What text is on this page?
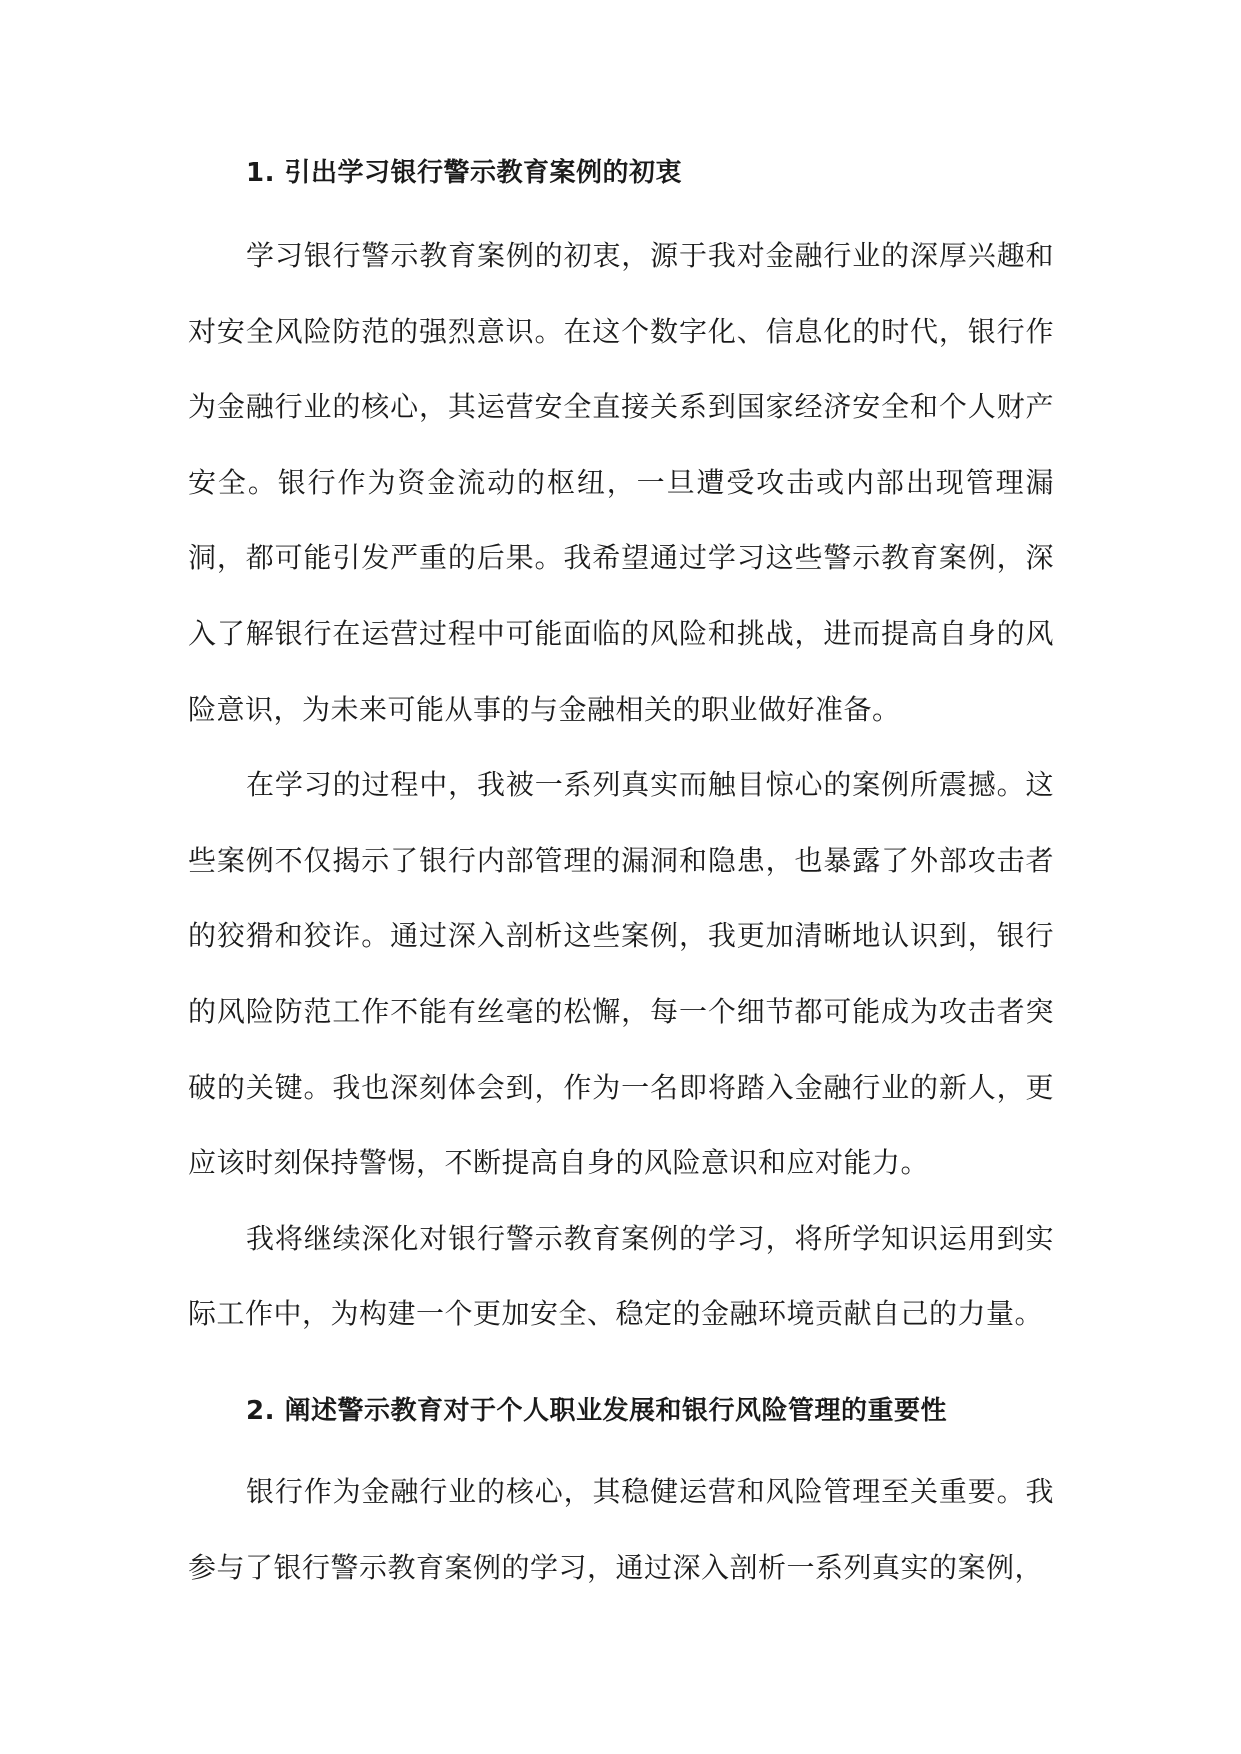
1. 引出学习银行警示教育案例的初衷

学习银行警示教育案例的初衷，源于我对金融行业的深厚兴趣和对安全风险防范的强烈意识。在这个数字化、信息化的时代，银行作为金融行业的核心，其运营安全直接关系到国家经济安全和个人财产安全。银行作为资金流动的枢纽，一旦遭受攻击或内部出现管理漏洞，都可能引发严重的后果。我希望通过学习这些警示教育案例，深入了解银行在运营过程中可能面临的风险和挑战，进而提高自身的风险意识，为未来可能从事的与金融相关的职业做好准备。

在学习的过程中，我被一系列真实而触目惊心的案例所震撼。这些案例不仅揭示了银行内部管理的漏洞和隐患，也暴露了外部攻击者的狡猾和狡诈。通过深入剖析这些案例，我更加清晰地认识到，银行的风险防范工作不能有丝毫的松懈，每一个细节都可能成为攻击者突破的关键。我也深刻体会到，作为一名即将踏入金融行业的新人，更应该时刻保持警惕，不断提高自身的风险意识和应对能力。

我将继续深化对银行警示教育案例的学习，将所学知识运用到实际工作中，为构建一个更加安全、稳定的金融环境贡献自己的力量。

2. 阐述警示教育对于个人职业发展和银行风险管理的重要性

银行作为金融行业的核心，其稳健运营和风险管理至关重要。我参与了银行警示教育案例的学习，通过深入剖析一系列真实的案例，
